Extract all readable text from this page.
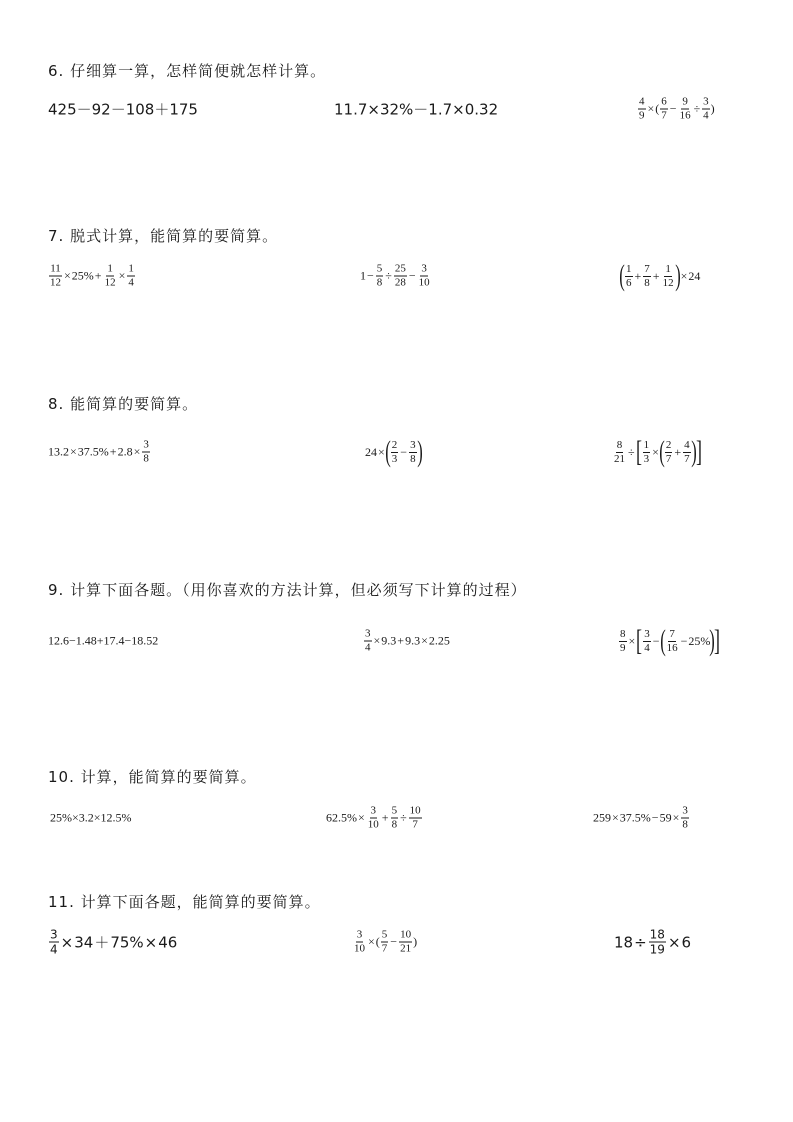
6. 仔细算一算，怎样简便就怎样计算。
425－92－108＋175	11.7×32%－1.7×0.32	$\frac{4}{9}$ × ( $\frac{6}{7} - \frac{9}{16} \div \frac{3}{4}$ )
7. 脱式计算，能简算的要简算。
$\frac{11}{12} \times 25\% + \frac{1}{12} \times \frac{1}{4}$	$1 - \frac{5}{8} \div \frac{25}{28} - \frac{3}{10}$	( $\frac{1}{6} + \frac{7}{8} + \frac{1}{12}$ ) × 24
8. 能简算的要简算。
$13.2 \times 37.5\% + 2.8 \times \frac{3}{8}$	24 × ( $\frac{2}{3} - \frac{3}{8}$ )	$\frac{8}{21}$ ÷ [ $\frac{1}{3}$ × ( $\frac{2}{7} + \frac{4}{7}$ ) ]
9. 计算下面各题。（用你喜欢的方法计算，但必须写下计算的过程）
12.6−1.48+17.4−18.52	$\frac{3}{4} \times 9.3 + 9.3 \times 2.25$	$\frac{8}{9}$ × [ $\frac{3}{4}$ − ( $\frac{7}{16} - 25\%$ ) ]
10. 计算，能简算的要简算。
25%×3.2×12.5%	$62.5\% \times \frac{3}{10} + \frac{5}{8} \div \frac{10}{7}$	$259 \times 37.5\% - 59 \times \frac{3}{8}$
11. 计算下面各题，能简算的要简算。
$\frac{3}{4} \times 34 + 75\% \times 46$	$\frac{3}{10}$ × ( $\frac{5}{7} - \frac{10}{21}$ )	$18 \div \frac{18}{19} \times 6$
